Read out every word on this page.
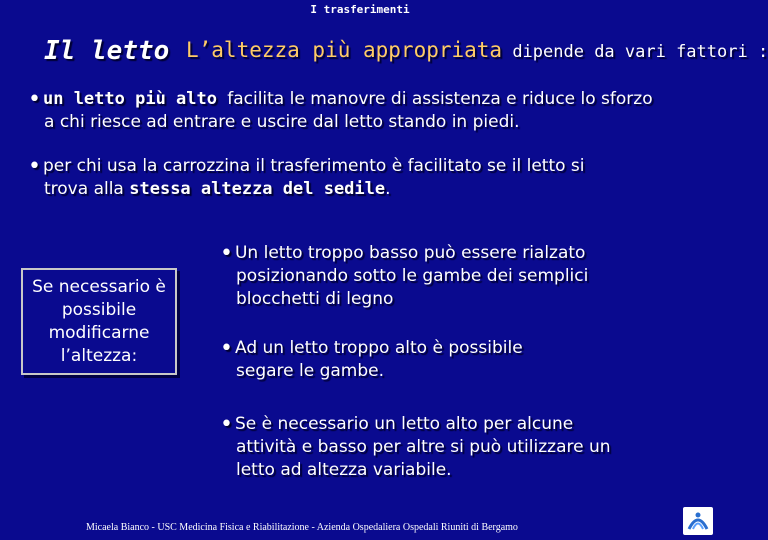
I trasferimenti
Il letto L’altezza più appropriata dipende da vari fattori :
• un letto più alto facilita le manovre di assistenza e riduce lo sforzo
a chi riesce ad entrare e uscire dal letto stando in piedi.
• per chi usa la carrozzina il trasferimento è facilitato se il letto si
trova alla stessa altezza del sedile.
Se necessario è possibile modificarne l’altezza:
• Un letto troppo basso può essere rialzato
posizionando sotto le gambe dei semplici
blocchetti di legno
• Ad un letto troppo alto è possibile
segare le gambe.
• Se è necessario un letto alto per alcune
attività e basso per altre si può utilizzare un
letto ad altezza variabile.
Micaela Bianco - USC Medicina Fisica e Riabilitazione - Azienda Ospedaliera Ospedali Riuniti di Bergamo
